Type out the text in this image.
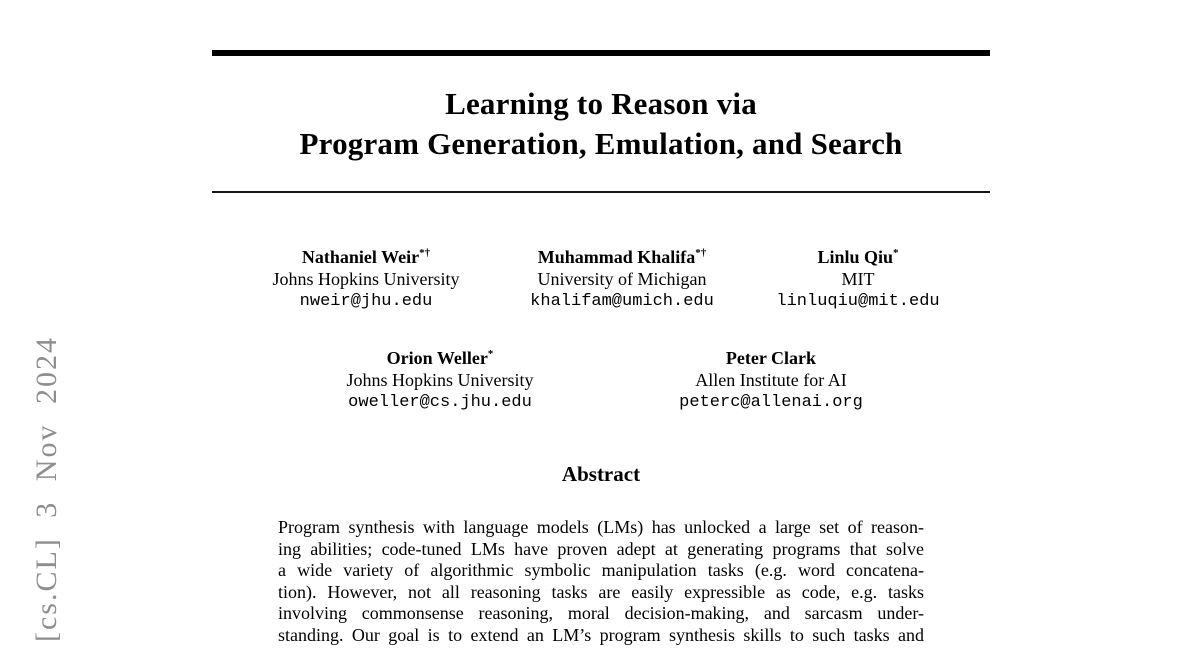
[cs.CL] 3 Nov 2024
Learning to Reason via
Program Generation, Emulation, and Search
Nathaniel Weir*†
Johns Hopkins University
nweir@jhu.edu
Muhammad Khalifa*†
University of Michigan
khalifam@umich.edu
Linlu Qiu*
MIT
linluqiu@mit.edu
Orion Weller*
Johns Hopkins University
oweller@cs.jhu.edu
Peter Clark
Allen Institute for AI
peterc@allenai.org
Abstract
Program synthesis with language models (LMs) has unlocked a large set of reason-
ing abilities; code-tuned LMs have proven adept at generating programs that solve
a wide variety of algorithmic symbolic manipulation tasks (e.g. word concatena-
tion). However, not all reasoning tasks are easily expressible as code, e.g. tasks
involving commonsense reasoning, moral decision-making, and sarcasm under-
standing. Our goal is to extend an LM’s program synthesis skills to such tasks and
